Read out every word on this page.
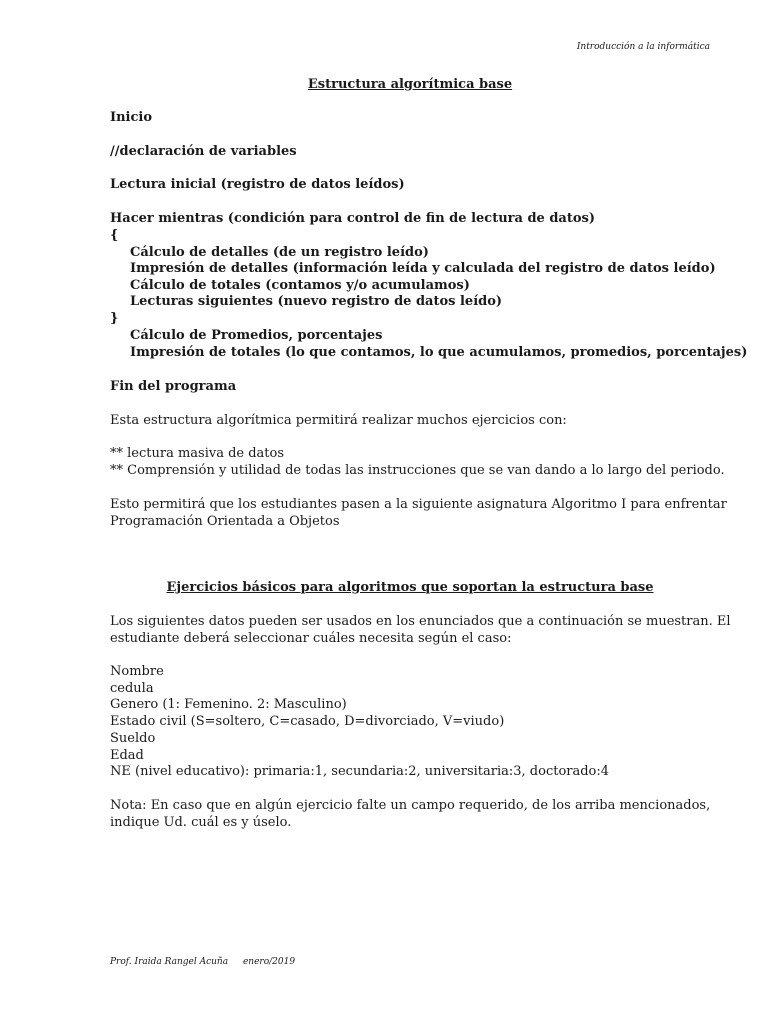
Introducción a la informática

Estructura algorítmica base

Inicio

//declaración de variables

Lectura inicial (registro de datos leídos)

Hacer mientras (condición para control de fin de lectura de datos)

{

Cálculo de detalles (de un registro leído)

Impresión de detalles (información leída y calculada del registro de datos leído)

Cálculo de totales (contamos y/o acumulamos)

Lecturas siguientes (nuevo registro de datos leído)

}

Cálculo de Promedios, porcentajes

Impresión de totales (lo que contamos, lo que acumulamos, promedios, porcentajes)

Fin del programa

Esta estructura algorítmica permitirá realizar muchos ejercicios con:

** lectura masiva de datos

** Comprensión y utilidad de todas las instrucciones que se van dando a lo largo del periodo.

Esto permitirá que los estudiantes pasen a la siguiente asignatura Algoritmo I para enfrentar

Programación Orientada a Objetos

Ejercicios básicos para algoritmos que soportan la estructura base

Los siguientes datos pueden ser usados en los enunciados que a continuación se muestran. El

estudiante deberá seleccionar cuáles necesita según el caso:

Nombre

cedula

Genero (1: Femenino. 2: Masculino)

Estado civil (S=soltero, C=casado, D=divorciado, V=viudo)

Sueldo

Edad

NE (nivel educativo): primaria:1, secundaria:2, universitaria:3, doctorado:4

Nota: En caso que en algún ejercicio falte un campo requerido, de los arriba mencionados,

indique Ud. cuál es y úselo.

Prof. Iraida Rangel Acuña enero/2019
